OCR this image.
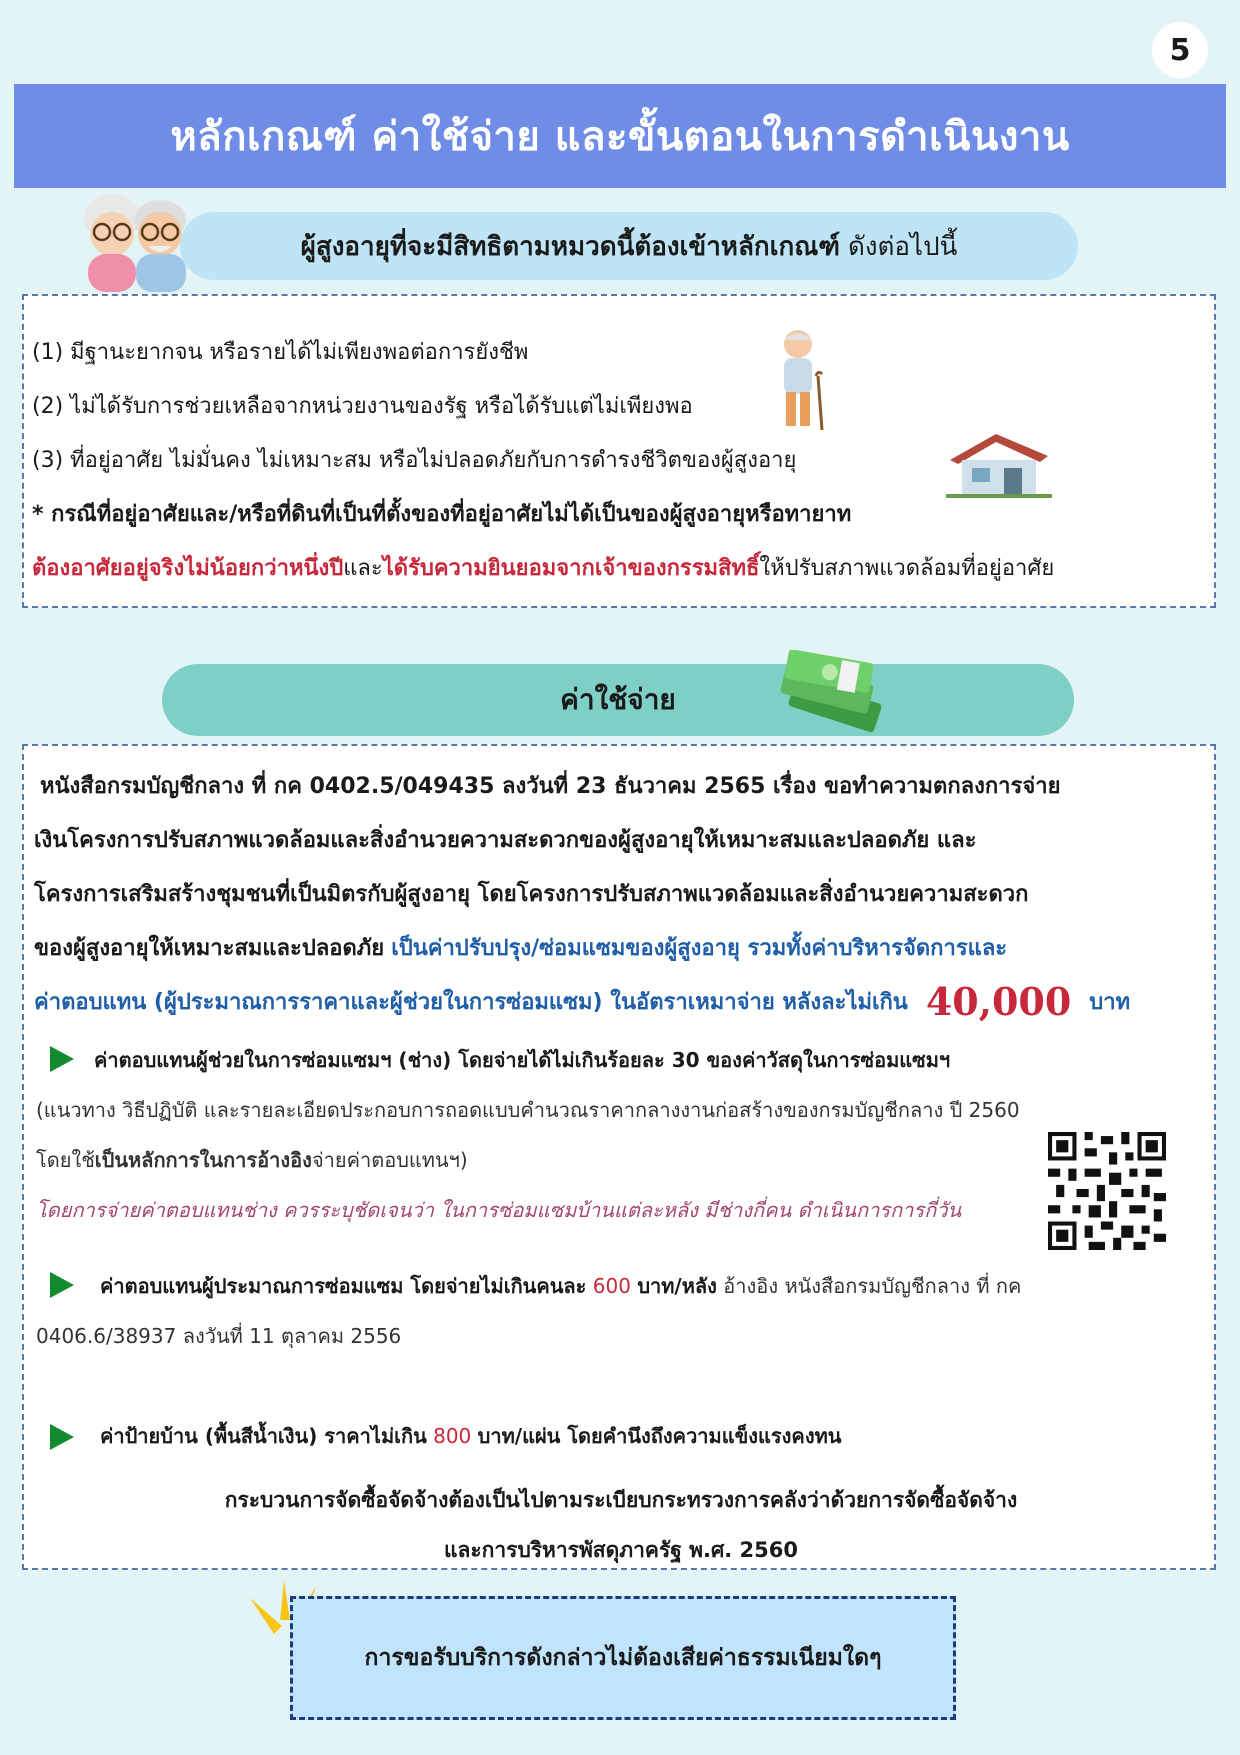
5
หลักเกณฑ์ ค่าใช้จ่าย และขั้นตอนในการดำเนินงาน
ผู้สูงอายุที่จะมีสิทธิตามหมวดนี้ต้องเข้าหลักเกณฑ์ ดังต่อไปนี้
(1) มีฐานะยากจน หรือรายได้ไม่เพียงพอต่อการยังชีพ
(2) ไม่ได้รับการช่วยเหลือจากหน่วยงานของรัฐ หรือได้รับแต่ไม่เพียงพอ
(3) ที่อยู่อาศัย ไม่มั่นคง ไม่เหมาะสม หรือไม่ปลอดภัยกับการดำรงชีวิตของผู้สูงอายุ
* กรณีที่อยู่อาศัยและ/หรือที่ดินที่เป็นที่ตั้งของที่อยู่อาศัยไม่ได้เป็นของผู้สูงอายุหรือทายาท
ต้องอาศัยอยู่จริงไม่น้อยกว่าหนึ่งปีและได้รับความยินยอมจากเจ้าของกรรมสิทธิ์ให้ปรับสภาพแวดล้อมที่อยู่อาศัย
ค่าใช้จ่าย
หนังสือกรมบัญชีกลาง ที่ กค 0402.5/049435 ลงวันที่ 23 ธันวาคม 2565 เรื่อง ขอทำความตกลงการจ่าย
เงินโครงการปรับสภาพแวดล้อมและสิ่งอำนวยความสะดวกของผู้สูงอายุให้เหมาะสมและปลอดภัย และ
โครงการเสริมสร้างชุมชนที่เป็นมิตรกับผู้สูงอายุ โดยโครงการปรับสภาพแวดล้อมและสิ่งอำนวยความสะดวก
ของผู้สูงอายุให้เหมาะสมและปลอดภัย เป็นค่าปรับปรุง/ซ่อมแซมของผู้สูงอายุ รวมทั้งค่าบริหารจัดการและ
ค่าตอบแทน (ผู้ประมาณการราคาและผู้ช่วยในการซ่อมแซม) ในอัตราเหมาจ่าย หลังละไม่เกิน 40,000 บาท
ค่าตอบแทนผู้ช่วยในการซ่อมแซมฯ (ช่าง) โดยจ่ายได้ไม่เกินร้อยละ 30 ของค่าวัสดุในการซ่อมแซมฯ
(แนวทาง วิธีปฏิบัติ และรายละเอียดประกอบการถอดแบบคำนวณราคากลางงานก่อสร้างของกรมบัญชีกลาง ปี 2560
โดยใช้เป็นหลักการในการอ้างอิงจ่ายค่าตอบแทนฯ)
โดยการจ่ายค่าตอบแทนช่าง ควรระบุชัดเจนว่า ในการซ่อมแซมบ้านแต่ละหลัง มีช่างกี่คน ดำเนินการการกี่วัน
ค่าตอบแทนผู้ประมาณการซ่อมแซม โดยจ่ายไม่เกินคนละ 600 บาท/หลัง อ้างอิง หนังสือกรมบัญชีกลาง ที่ กค
0406.6/38937 ลงวันที่ 11 ตุลาคม 2556
ค่าป้ายบ้าน (พื้นสีน้ำเงิน) ราคาไม่เกิน 800 บาท/แผ่น โดยคำนึงถึงความแข็งแรงคงทน
กระบวนการจัดซื้อจัดจ้างต้องเป็นไปตามระเบียบกระทรวงการคลังว่าด้วยการจัดซื้อจัดจ้าง
และการบริหารพัสดุภาครัฐ พ.ศ. 2560
การขอรับบริการดังกล่าวไม่ต้องเสียค่าธรรมเนียมใดๆ
